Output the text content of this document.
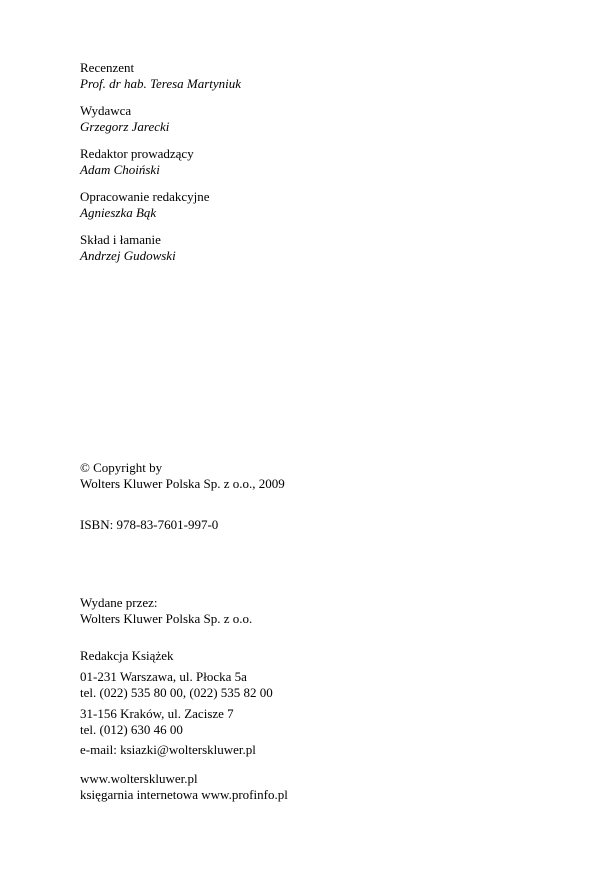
Recenzent
Prof. dr hab. Teresa Martyniuk
Wydawca
Grzegorz Jarecki
Redaktor prowadzący
Adam Choiński
Opracowanie redakcyjne
Agnieszka Bąk
Skład i łamanie
Andrzej Gudowski
© Copyright by
Wolters Kluwer Polska Sp. z o.o., 2009
ISBN: 978-83-7601-997-0
Wydane przez:
Wolters Kluwer Polska Sp. z o.o.
Redakcja Książek
01-231 Warszawa, ul. Płocka 5a
tel. (022) 535 80 00, (022) 535 82 00
31-156 Kraków, ul. Zacisze 7
tel. (012) 630 46 00
e-mail: ksiazki@wolterskluwer.pl
www.wolterskluwer.pl
księgarnia internetowa www.profinfo.pl
